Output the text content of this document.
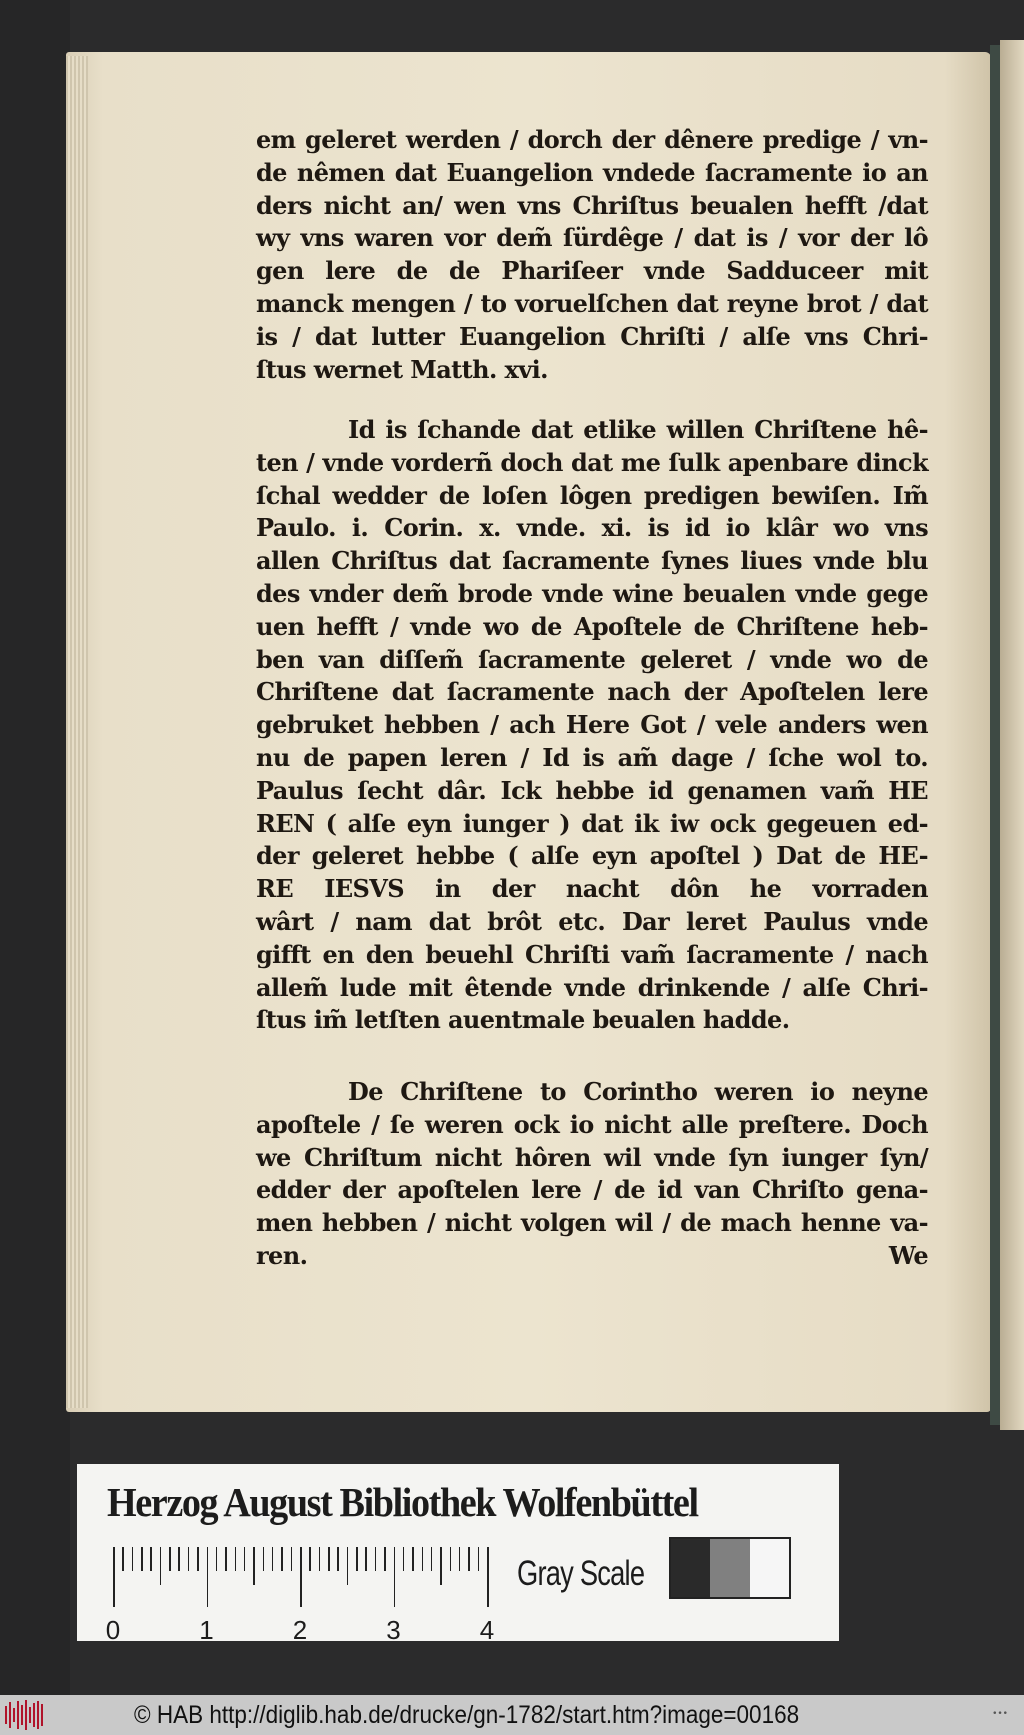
em geleret werden / dorch der dênere predige / vn-
de nêmen dat Euangelion vndede ſacramente io an
ders nicht an/ wen vns Chriſtus beualen hefft /dat
wy vns waren vor dem̃ ſürdêge / dat is / vor der lô
gen lere de de Phariſeer vnde Sadduceer mit
manck mengen / to voruelſchen dat reyne brot / dat
is / dat lutter Euangelion Chriſti / alſe vns Chri-
ſtus wernet Matth. xvi.
Id is ſchande dat etlike willen Chriſtene hê-
ten / vnde vorderñ doch dat me ſulk apenbare dinck
ſchal wedder de loſen lôgen predigen bewiſen. Im̃
Paulo. i. Corin. x. vnde. xi. is id io klâr wo vns
allen Chriſtus dat ſacramente ſynes liues vnde blu
des vnder dem̃ brode vnde wine beualen vnde gege
uen hefft / vnde wo de Apoſtele de Chriſtene heb-
ben van diſſem̃ ſacramente geleret / vnde wo de
Chriſtene dat ſacramente nach der Apoſtelen lere
gebruket hebben / ach Here Got / vele anders wen
nu de papen leren / Id is am̃ dage / ſche wol to.
Paulus ſecht dâr. Ick hebbe id genamen vam̃ HE
REN ( alſe eyn iunger ) dat ik iw ock gegeuen ed-
der geleret hebbe ( alſe eyn apoſtel ) Dat de HE-
RE IESVS in der nacht dôn he vorraden
wârt / nam dat brôt etc. Dar leret Paulus vnde
gifft en den beuehl Chriſti vam̃ ſacramente / nach
allem̃ lude mit êtende vnde drinkende / alſe Chri-
ſtus im̃ letſten auentmale beualen hadde.
De Chriſtene to Corintho weren io neyne
apoſtele / ſe weren ock io nicht alle preſtere. Doch
we Chriſtum nicht hôren wil vnde ſyn iunger ſyn/
edder der apoſtelen lere / de id van Chriſto gena-
men hebben / nicht volgen wil / de mach henne va-
ren.	We
Herzog August Bibliothek Wolfenbüttel
0	1	2	3	4
Gray Scale
© HAB http://diglib.hab.de/drucke/gn-1782/start.htm?image=00168	•••
